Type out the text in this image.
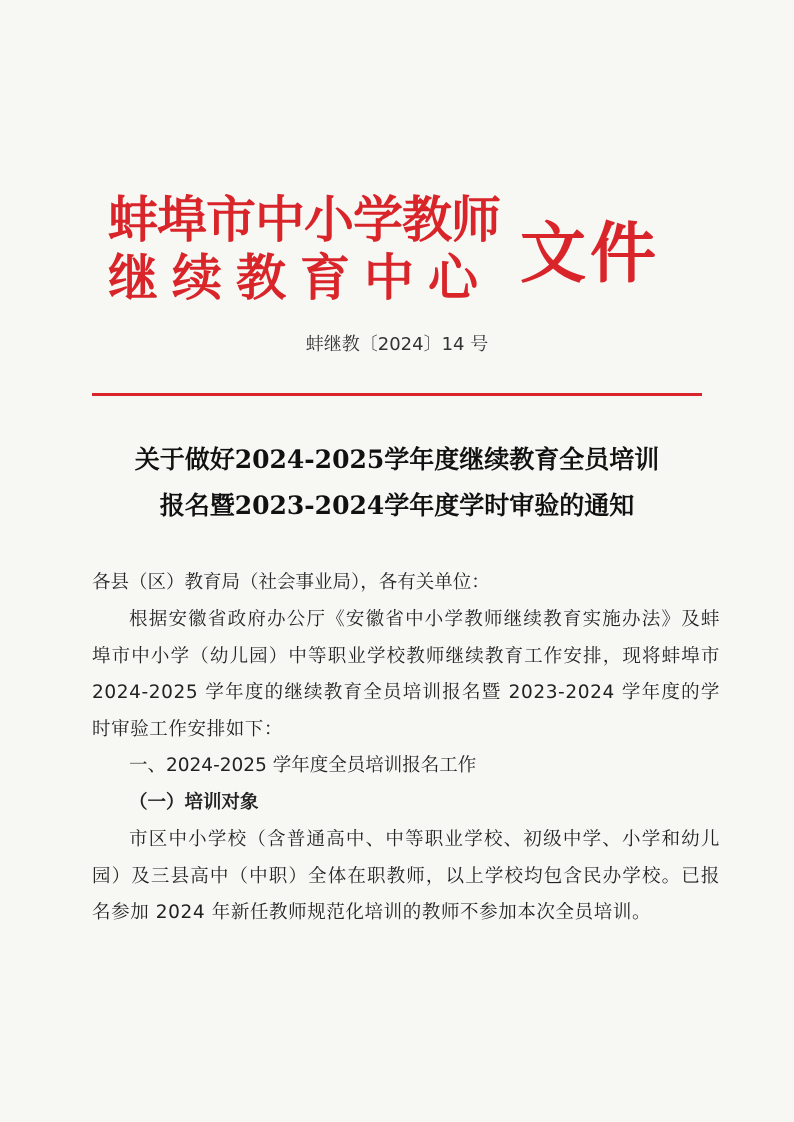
蚌埠市中小学教师
继续教育中心 文件
蚌继教〔2024〕14 号
关于做好2024-2025学年度继续教育全员培训
报名暨2023-2024学年度学时审验的通知
各县（区）教育局（社会事业局），各有关单位：
根据安徽省政府办公厅《安徽省中小学教师继续教育实施办法》及蚌埠市中小学（幼儿园）中等职业学校教师继续教育工作安排，现将蚌埠市 2024-2025 学年度的继续教育全员培训报名暨 2023-2024 学年度的学时审验工作安排如下：
一、2024-2025 学年度全员培训报名工作
（一）培训对象
市区中小学校（含普通高中、中等职业学校、初级中学、小学和幼儿园）及三县高中（中职）全体在职教师，以上学校均包含民办学校。已报名参加 2024 年新任教师规范化培训的教师不参加本次全员培训。
